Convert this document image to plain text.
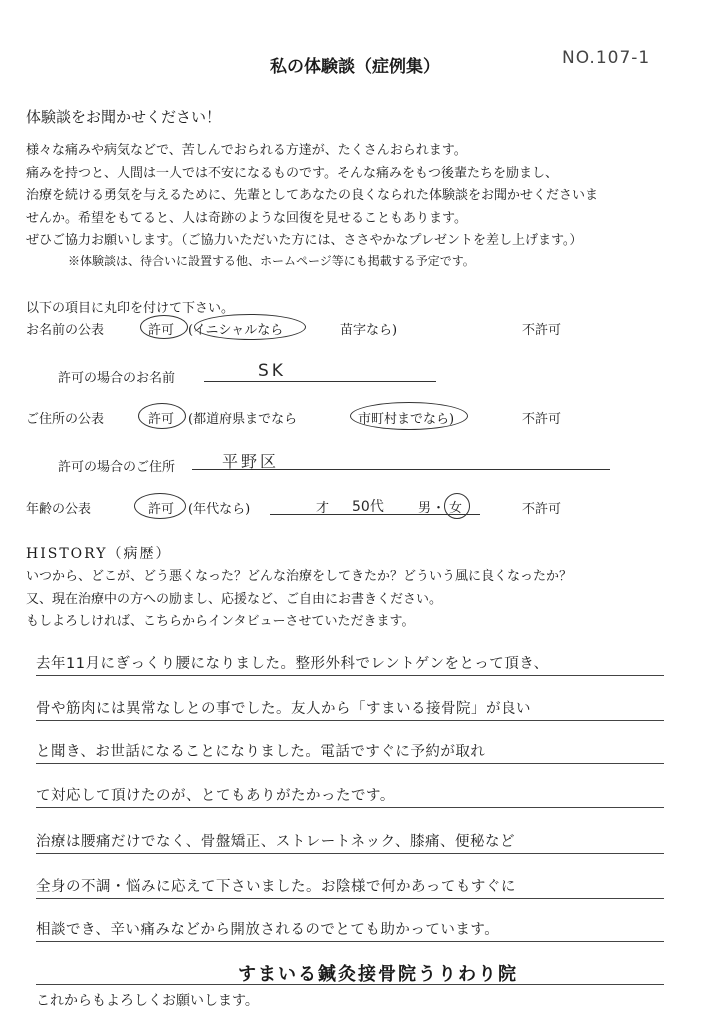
私の体験談（症例集）	NO.107-1
体験談をお聞かせください！
様々な痛みや病気などで、苦しんでおられる方達が、たくさんおられます。
痛みを持つと、人間は一人では不安になるものです。そんな痛みをもつ後輩たちを励まし、
治療を続ける勇気を与えるために、先輩としてあなたの良くなられた体験談をお聞かせくださいま
せんか。希望をもてると、人は奇跡のような回復を見せることもあります。
ぜひご協力お願いします。（ご協力いただいた方には、ささやかなプレゼントを差し上げます。）
※体験談は、待合いに設置する他、ホームページ等にも掲載する予定です。
以下の項目に丸印を付けて下さい。
お名前の公表	許可 (イニシャルなら	苗字なら)	不許可
許可の場合のお名前	SK
ご住所の公表	許可 (都道府県までなら	市町村までなら)	不許可
許可の場合のご住所	平野区
年齢の公表	許可 (年代なら)	才 50代	男 ・ 女	不許可
HISTORY（病歴）
いつから、どこが、どう悪くなった？どんな治療をしてきたか？どういう風に良くなったか？
又、現在治療中の方への励まし、応援など、ご自由にお書きください。
もしよろしければ、こちらからインタビューさせていただきます。
去年11月にぎっくり腰になりました。整形外科でレントゲンをとって頂き、
骨や筋肉には異常なしとの事でした。友人から「すまいる接骨院」が良い
と聞き、お世話になることになりました。電話ですぐに予約が取れ
て対応して頂けたのが、とてもありがたかったです。
治療は腰痛だけでなく、骨盤矯正、ストレートネック、膝痛、便秘など
全身の不調・悩みに応えて下さいました。お陰様で何かあってもすぐに
相談でき、辛い痛みなどから開放されるのでとても助かっています。
すまいる鍼灸接骨院うりわり院
これからもよろしくお願いします。
